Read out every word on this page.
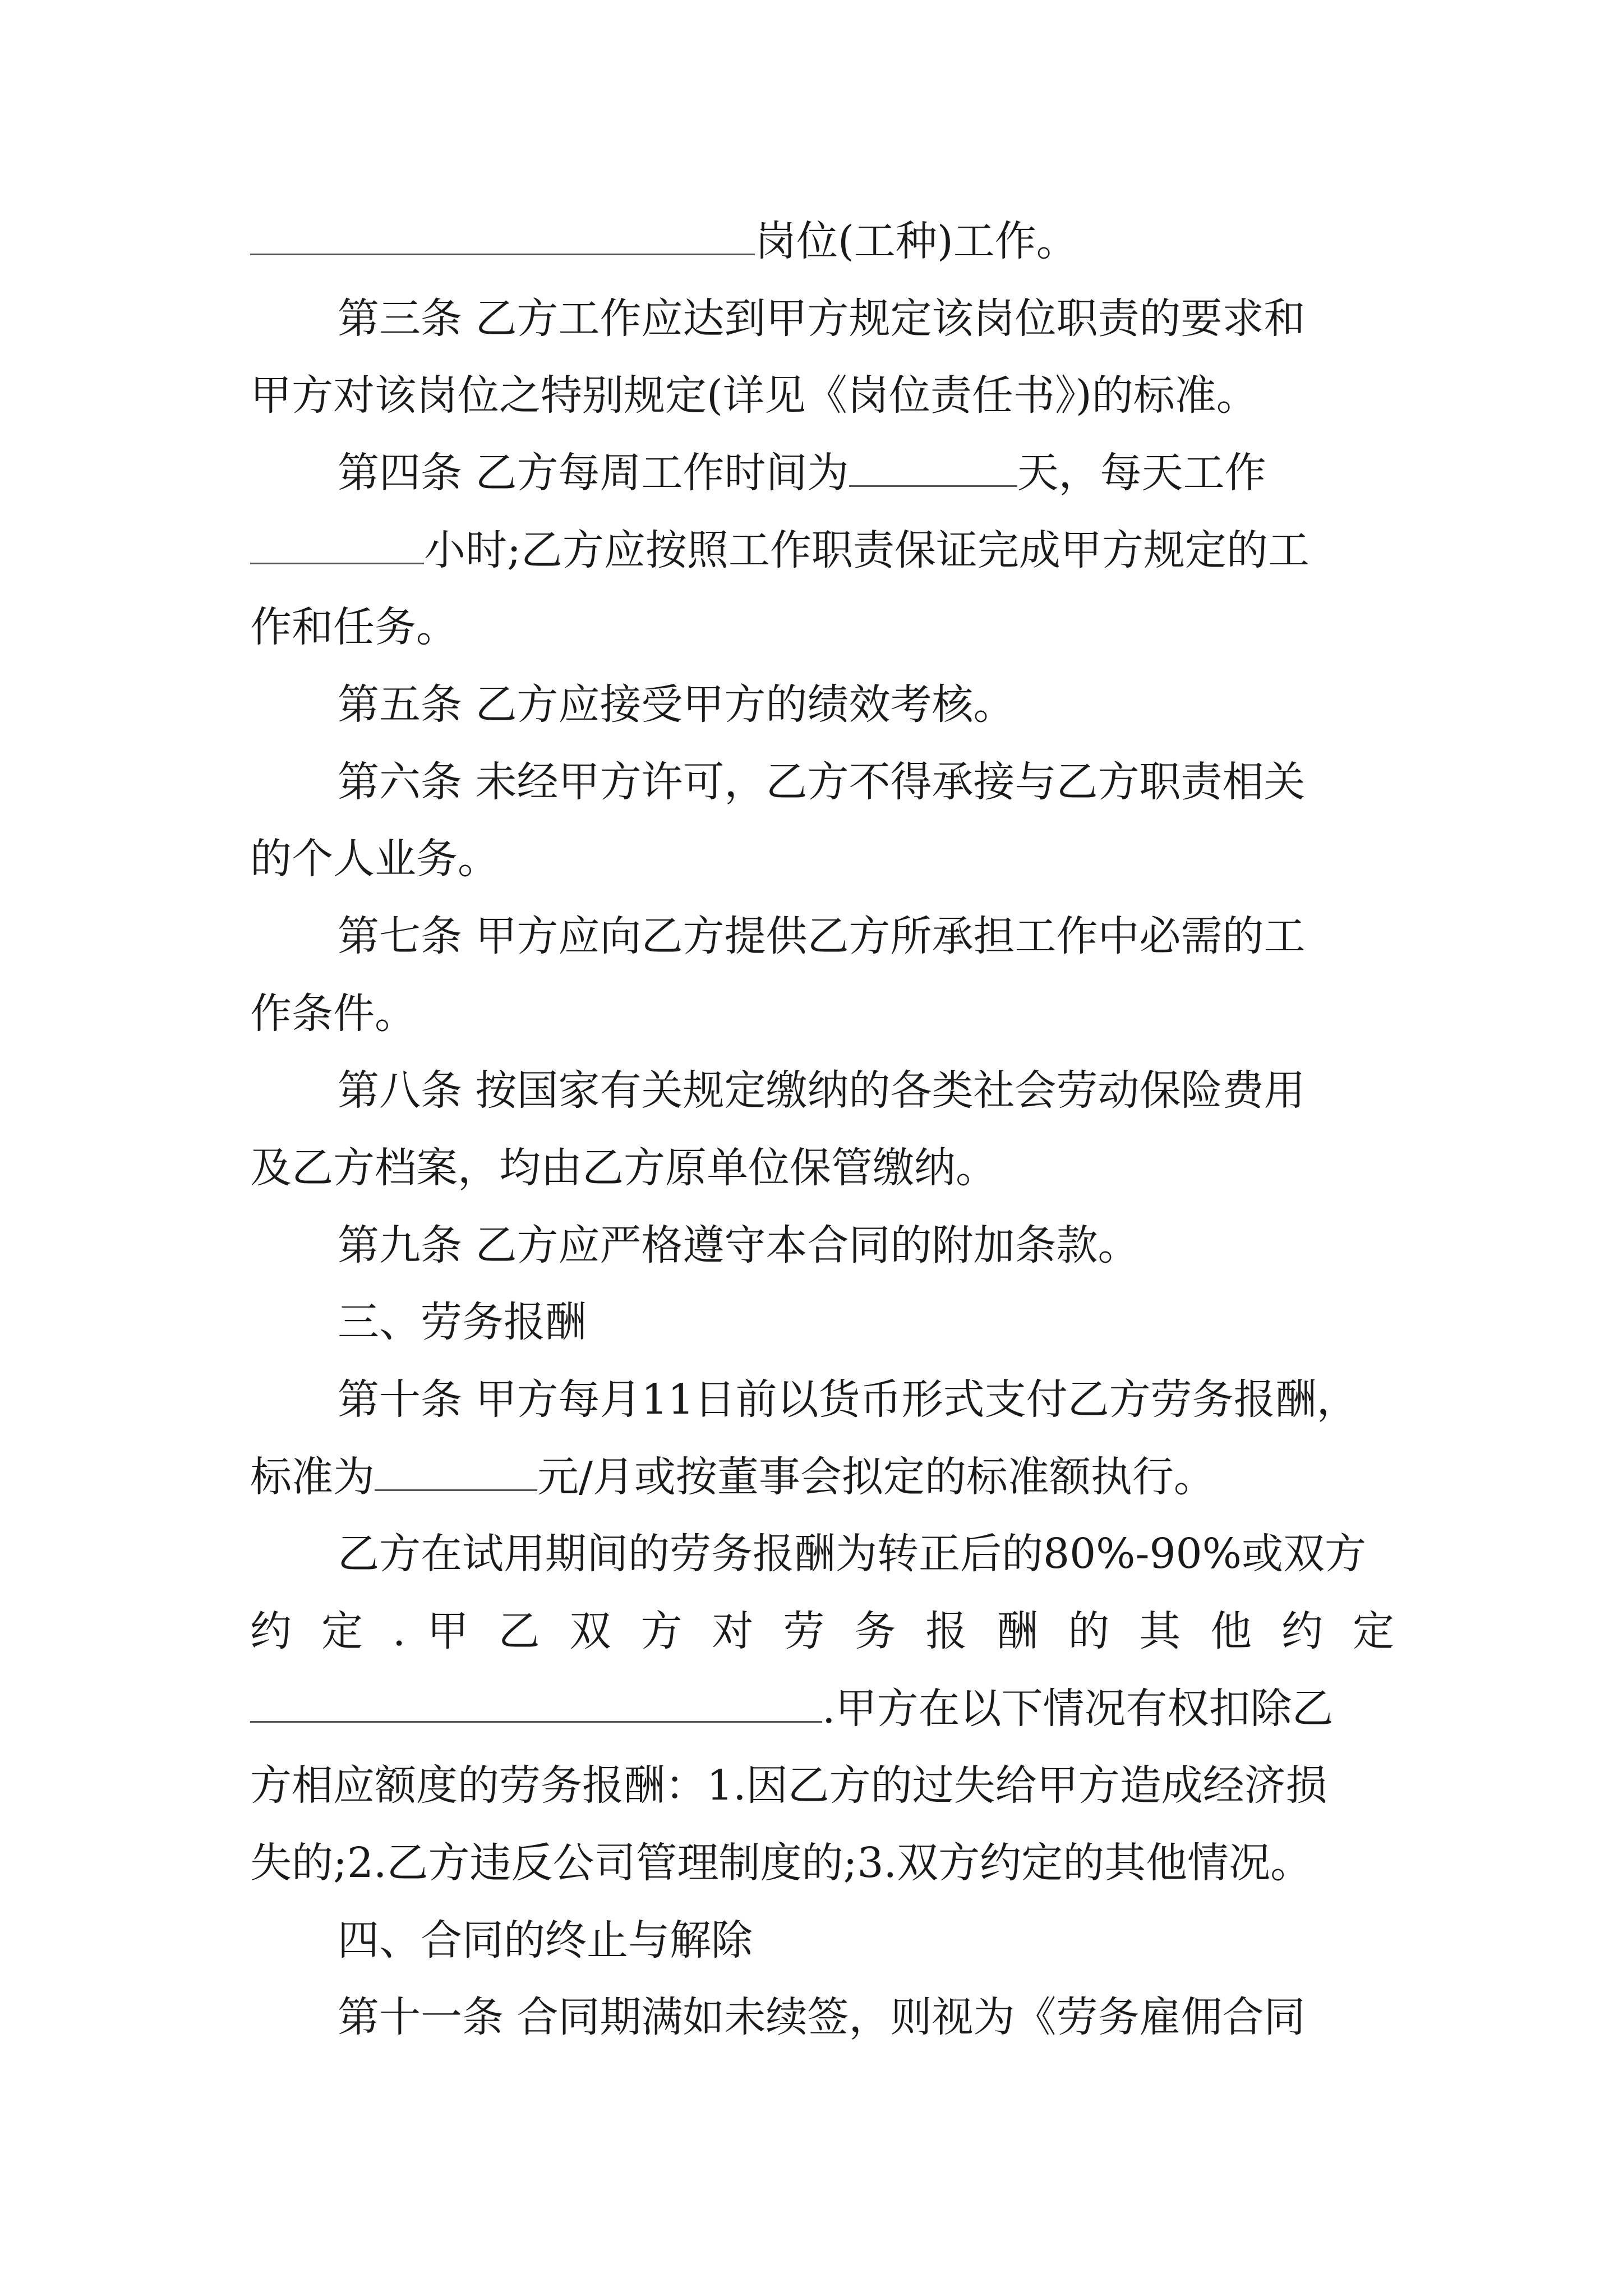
岗位(工种)工作。
第三条 乙方工作应达到甲方规定该岗位职责的要求和
甲方对该岗位之特别规定(详见《岗位责任书》)的标准。
第四条 乙方每周工作时间为	天，每天工作
小时;乙方应按照工作职责保证完成甲方规定的工
作和任务。
第五条 乙方应接受甲方的绩效考核。
第六条 未经甲方许可，乙方不得承接与乙方职责相关
的个人业务。
第七条 甲方应向乙方提供乙方所承担工作中必需的工
作条件。
第八条 按国家有关规定缴纳的各类社会劳动保险费用
及乙方档案，均由乙方原单位保管缴纳。
第九条 乙方应严格遵守本合同的附加条款。
三、劳务报酬
第十条 甲方每月11日前以货币形式支付乙方劳务报酬，
标准为	元/月或按董事会拟定的标准额执行。
乙方在试用期间的劳务报酬为转正后的80%-90%或双方
约 定 . 甲 乙 双 方 对 劳 务 报 酬 的 其 他 约 定
.甲方在以下情况有权扣除乙
方相应额度的劳务报酬：1.因乙方的过失给甲方造成经济损
失的;2.乙方违反公司管理制度的;3.双方约定的其他情况。
四、合同的终止与解除
第十一条 合同期满如未续签，则视为《劳务雇佣合同
